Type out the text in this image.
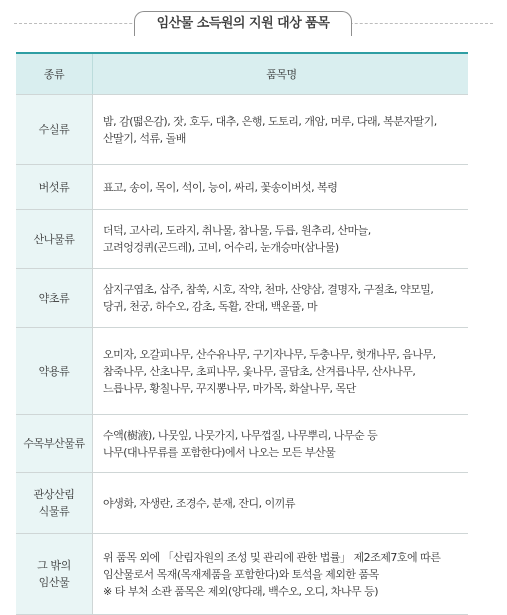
임산물 소득원의 지원 대상 품목
종류	품목명
수실류
밤, 감(떫은감), 잣, 호두, 대추, 은행, 도토리, 개암, 머루, 다래, 복분자딸기,
산딸기, 석류, 돌배
버섯류	표고, 송이, 목이, 석이, 능이, 싸리, 꽃송이버섯, 복령
산나물류
더덕, 고사리, 도라지, 취나물, 참나물, 두릅, 원추리, 산마늘,
고려엉겅퀴(곤드레), 고비, 어수리, 눈개승마(삼나물)
약초류
삼지구엽초, 삽주, 참쑥, 시호, 작약, 천마, 산양삼, 결명자, 구절초, 약모밀,
당귀, 천궁, 하수오, 감초, 독활, 잔대, 백운풀, 마
약용류
오미자, 오갈피나무, 산수유나무, 구기자나무, 두충나무, 헛개나무, 음나무,
참죽나무, 산초나무, 초피나무, 옻나무, 골담초, 산겨릅나무, 산사나무,
느릅나무, 황칠나무, 꾸지뽕나무, 마가목, 화살나무, 목단
수목부산물류
수액(樹液), 나뭇잎, 나뭇가지, 나무껍질, 나무뿌리, 나무순 등
나무(대나무류를 포함한다)에서 나오는 모든 부산물
관상산림
식물류
야생화, 자생란, 조경수, 분재, 잔디, 이끼류
그 밖의
임산물
위 품목 외에 「산림자원의 조성 및 관리에 관한 법률」 제2조제7호에 따른
임산물로서 목재(목재제품을 포함한다)와 토석을 제외한 품목
※ 타 부처 소관 품목은 제외(양다래, 백수오, 오디, 차나무 등)
